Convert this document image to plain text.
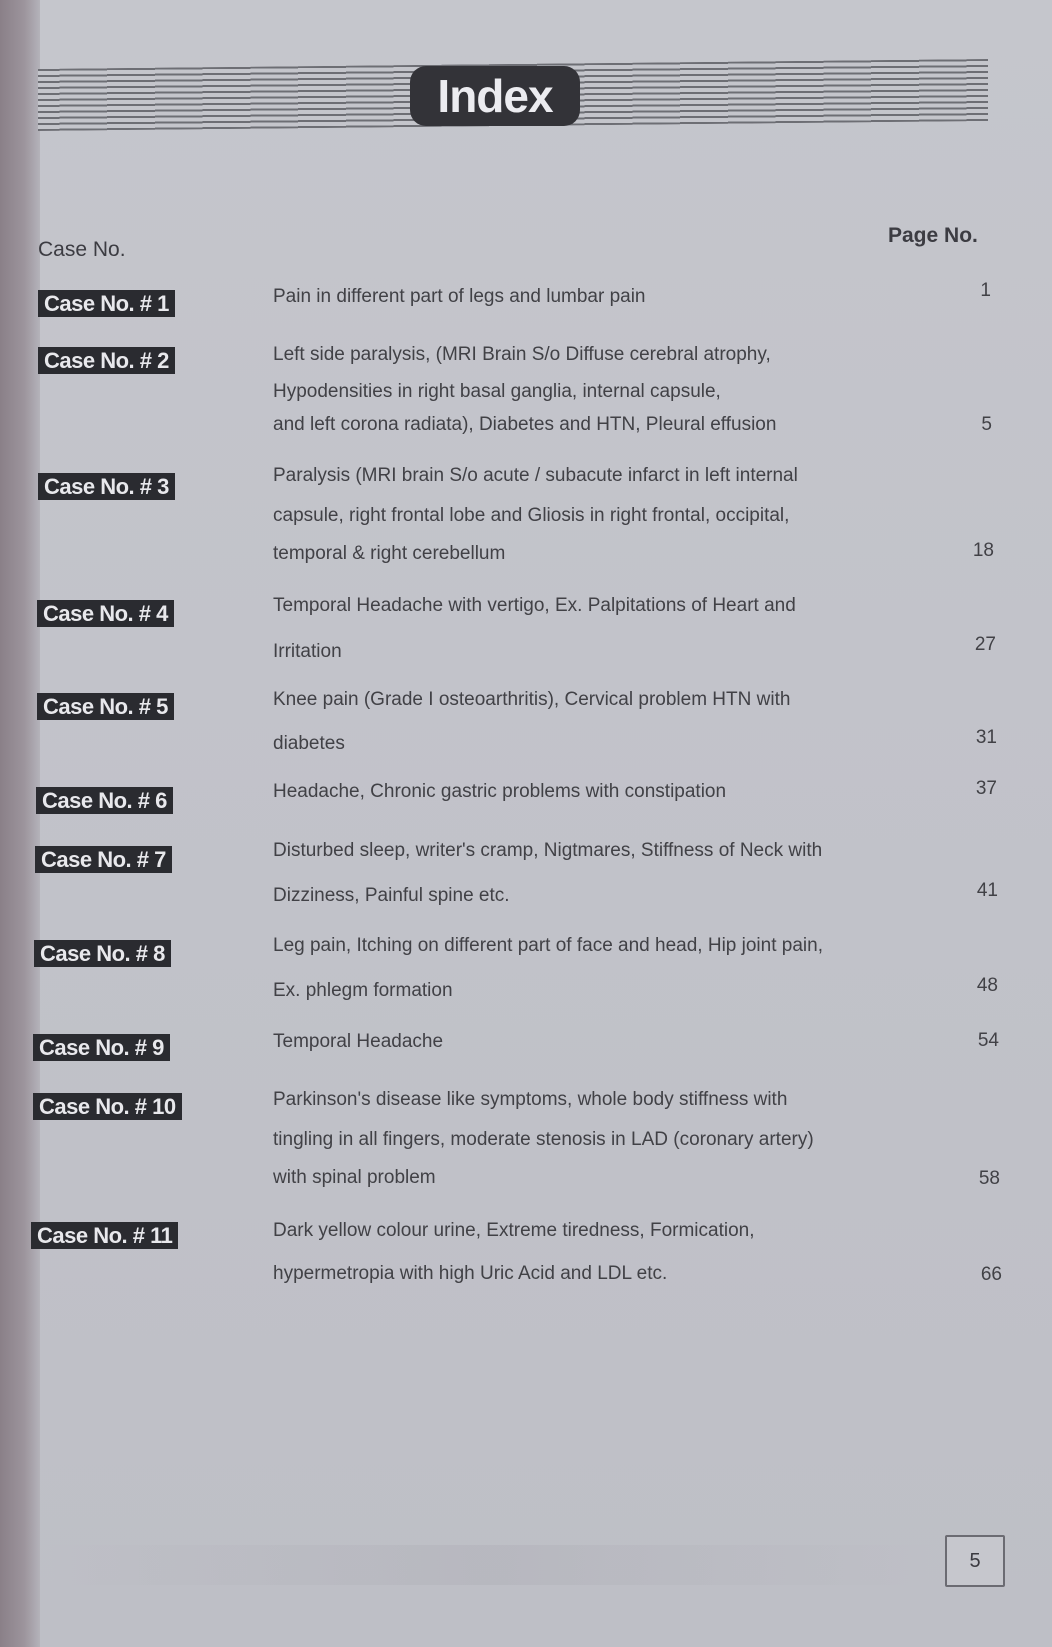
Index
Case No.
Page No.
Case No. # 1	Pain in different part of legs and lumbar pain	1
Case No. # 2	Left side paralysis, (MRI Brain S/o Diffuse cerebral atrophy,
Hypodensities in right basal ganglia, internal capsule,
and left corona radiata), Diabetes and HTN, Pleural effusion	5
Case No. # 3	Paralysis (MRI brain S/o acute / subacute infarct in left internal
capsule, right frontal lobe and Gliosis in right frontal, occipital,
temporal & right cerebellum	18
Case No. # 4	Temporal Headache with vertigo, Ex. Palpitations of Heart and
Irritation	27
Case No. # 5	Knee pain (Grade I osteoarthritis), Cervical problem HTN with
diabetes	31
Case No. # 6	Headache, Chronic gastric problems with constipation	37
Case No. # 7	Disturbed sleep, writer's cramp, Nigtmares, Stiffness of Neck with
Dizziness, Painful spine etc.	41
Case No. # 8	Leg pain, Itching on different part of face and head, Hip joint pain,
Ex. phlegm formation	48
Case No. # 9	Temporal Headache	54
Case No. # 10	Parkinson's disease like symptoms, whole body stiffness with
tingling in all fingers, moderate stenosis in LAD (coronary artery)
with spinal problem	58
Case No. # 11	Dark yellow colour urine, Extreme tiredness, Formication,
hypermetropia with high Uric Acid and LDL etc.	66
5
